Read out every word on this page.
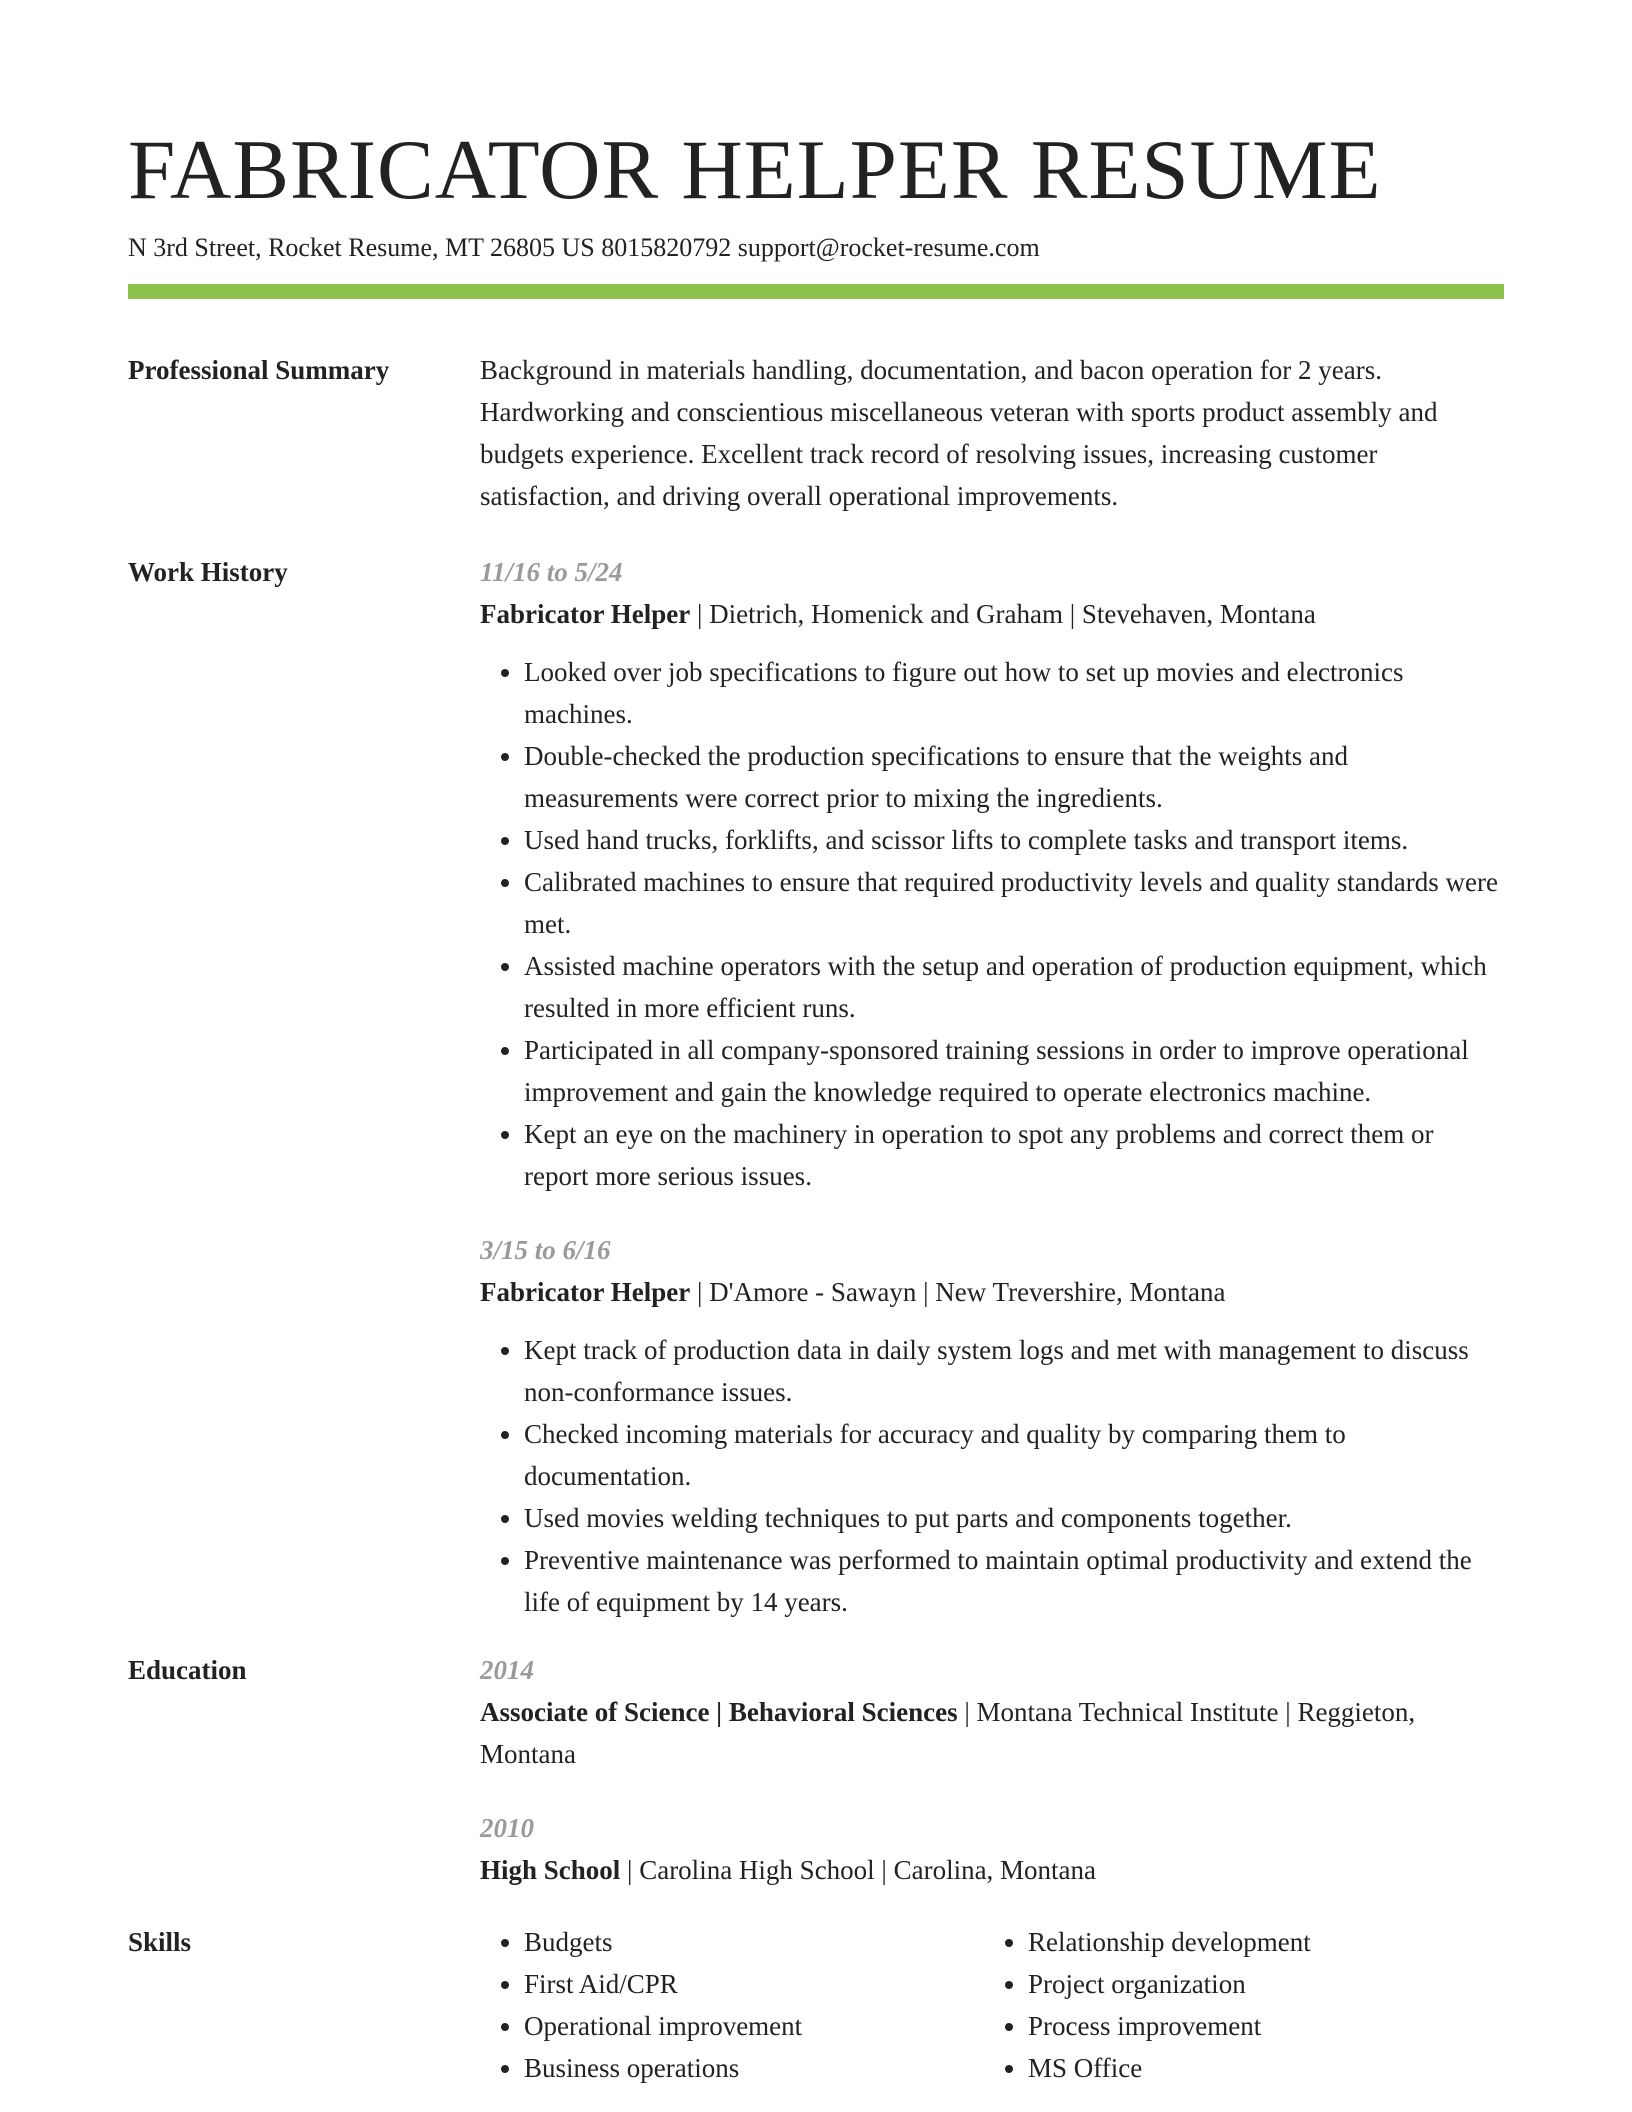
FABRICATOR HELPER RESUME
N 3rd Street, Rocket Resume, MT 26805 US 8015820792 support@rocket-resume.com
Professional Summary	Background in materials handling, documentation, and bacon operation for 2 years. Hardworking and conscientious miscellaneous veteran with sports product assembly and budgets experience. Excellent track record of resolving issues, increasing customer satisfaction, and driving overall operational improvements.
Work History	11/16 to 5/24
Fabricator Helper | Dietrich, Homenick and Graham | Stevehaven, Montana
• Looked over job specifications to figure out how to set up movies and electronics machines.
• Double-checked the production specifications to ensure that the weights and measurements were correct prior to mixing the ingredients.
• Used hand trucks, forklifts, and scissor lifts to complete tasks and transport items.
• Calibrated machines to ensure that required productivity levels and quality standards were met.
• Assisted machine operators with the setup and operation of production equipment, which resulted in more efficient runs.
• Participated in all company-sponsored training sessions in order to improve operational improvement and gain the knowledge required to operate electronics machine.
• Kept an eye on the machinery in operation to spot any problems and correct them or report more serious issues.
3/15 to 6/16
Fabricator Helper | D'Amore - Sawayn | New Trevershire, Montana
• Kept track of production data in daily system logs and met with management to discuss non-conformance issues.
• Checked incoming materials for accuracy and quality by comparing them to documentation.
• Used movies welding techniques to put parts and components together.
• Preventive maintenance was performed to maintain optimal productivity and extend the life of equipment by 14 years.
Education	2014
Associate of Science | Behavioral Sciences | Montana Technical Institute | Reggieton, Montana
2010
High School | Carolina High School | Carolina, Montana
Skills
•	Budgets
• First Aid/CPR
• Operational improvement
• Business operations
• Relationship development
• Project organization
• Process improvement
• MS Office
